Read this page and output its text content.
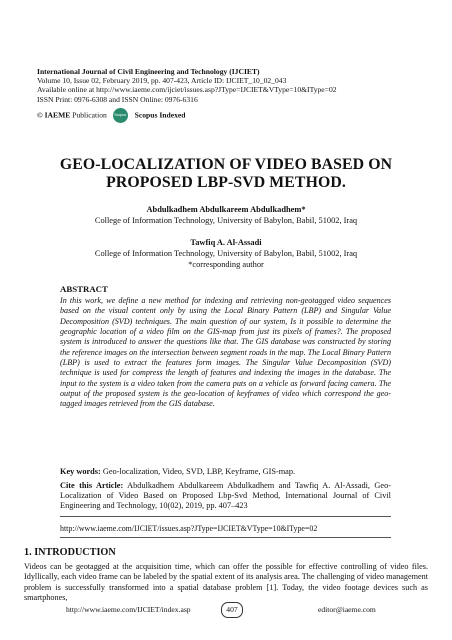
International Journal of Civil Engineering and Technology (IJCIET)
Volume 10, Issue 02, February 2019, pp. 407-423, Article ID: IJCIET_10_02_043
Available online at http://www.iaeme.com/ijciet/issues.asp?JType=IJCIET&VType=10&IType=02
ISSN Print: 0976-6308 and ISSN Online: 0976-6316
© IAEME Publication	Scopus Scopus Indexed
GEO-LOCALIZATION OF VIDEO BASED ON
PROPOSED LBP-SVD METHOD.
Abdulkadhem Abdulkareem Abdulkadhem*
College of Information Technology, University of Babylon, Babil, 51002, Iraq
Tawfiq A. Al-Assadi
College of Information Technology, University of Babylon, Babil, 51002, Iraq
*corresponding author
ABSTRACT
In this work, we define a new method for indexing and retrieving non-geotagged video sequences based on the visual content only by using the Local Binary Pattern (LBP) and Singular Value Decomposition (SVD) techniques. The main question of our system, Is it possible to determine the geographic location of a video film on the GIS-map from just its pixels of frames?. The proposed system is introduced to answer the questions like that. The GIS database was constructed by storing the reference images on the intersection between segment roads in the map. The Local Binary Pattern (LBP) is used to extract the features form images. The Singular Value Decomposition (SVD) technique is used for compress the length of features and indexing the images in the database. The input to the system is a video taken from the camera puts on a vehicle as forward facing camera. The output of the proposed system is the geo-location of keyframes of video which correspond the geo-tagged images retrieved from the GIS database.
Key words: Geo-localization, Video, SVD, LBP, Keyframe, GIS-map.
Cite this Article: Abdulkadhem Abdulkareem Abdulkadhem and Tawfiq A. Al-Assadi, Geo-Localization of Video Based on Proposed Lbp-Svd Method, International Journal of Civil Engineering and Technology, 10(02), 2019, pp. 407–423
http://www.iaeme.com/IJCIET/issues.asp?JType=IJCIET&VType=10&IType=02
1. INTRODUCTION
Videos can be geotagged at the acquisition time, which can offer the possible for effective controlling of video files. Idyllically, each video frame can be labeled by the spatial extent of its analysis area. The challenging of video management problem is successfully transformed into a spatial database problem [1]. Today, the video footage devices such as smartphones,
http://www.iaeme.com/IJCIET/index.asp	407	editor@iaeme.com
